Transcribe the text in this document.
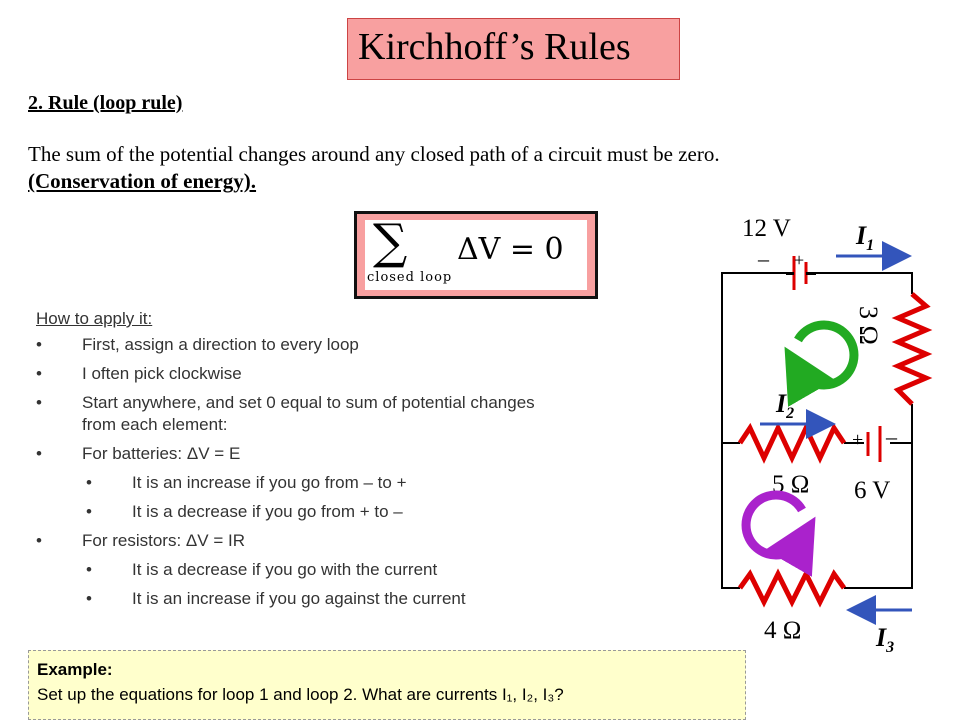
Kirchhoff’s Rules
2. Rule (loop rule)
The sum of the potential changes around any closed path of a circuit must be zero.
(Conservation of energy).
∑
closed loop
ΔV = 0
How to apply it:
• First, assign a direction to every loop
• I often pick clockwise
• Start anywhere, and set 0 equal to sum of potential changes
from each element:
• For batteries: ΔV = E
• It is an increase if you go from – to +
• It is a decrease if you go from + to –
• For resistors: ΔV = IR
• It is a decrease if you go with the current
• It is an increase if you go against the current
Example:
Set up the equations for loop 1 and loop 2. What are currents I₁, I₂, I₃?
12 V
– +
3 Ω
5 Ω
+ –
6 V
4 Ω
$I_1$
$I_2$
$I_3$
